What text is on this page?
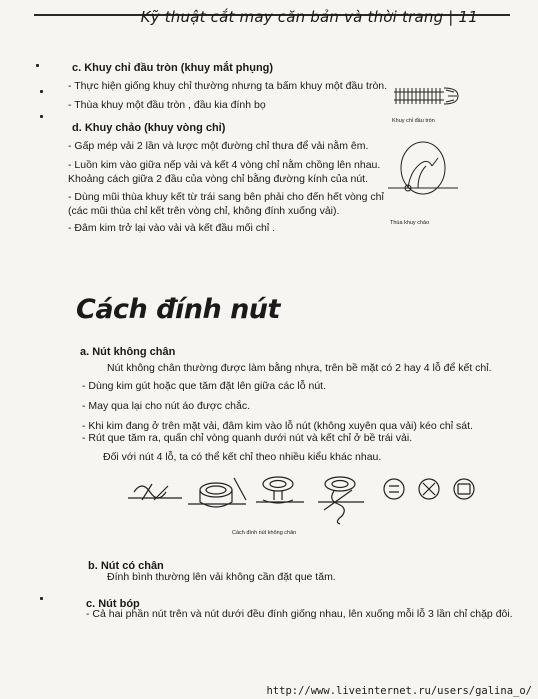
Kỹ thuật cắt may căn bản và thời trang | 11
c. Khuy chỉ đầu tròn (khuy mắt phụng)
- Thực hiện giống khuy chỉ thường nhưng ta bấm khuy một đầu tròn.
- Thùa khuy một đầu tròn , đầu kia đính bọ
Khuy chỉ đầu tròn
d. Khuy chảo (khuy vòng chỉ)
- Gấp mép vải 2 lần và lược một đường chỉ thưa để vải nằm êm.
- Luồn kim vào giữa nếp vải và kết 4 vòng chỉ nằm chồng lên nhau.
Khoảng cách giữa 2 đầu của vòng chỉ bằng đường kính của nút.
- Dùng mũi thùa khuy kết từ trái sang bên phải cho đến hết vòng chỉ
(các mũi thùa chỉ kết trên vòng chỉ, không đính xuống vải).
- Đâm kim trở lại vào vải và kết đầu mối chỉ .	Thùa khuy chảo
Cách đính nút
a. Nút không chân
Nút không chân thường được làm bằng nhựa, trên bề mặt có 2 hay 4 lỗ để kết chỉ.
- Dùng kim gút hoặc que tăm đặt lên giữa các lỗ nút.
- May qua lại cho nút áo được chắc.
- Khi kim đang ở trên mặt vải, đâm kim vào lỗ nút (không xuyên qua vải) kéo chỉ sát.
- Rút que tăm ra, quấn chỉ vòng quanh dưới nút và kết chỉ ở bề trái vải.
Đối với nút 4 lỗ, ta có thể kết chỉ theo nhiều kiểu khác nhau.
Cách đính nút không chân
b. Nút có chân
Đính bình thường lên vải không cần đặt que tăm.
c. Nút bóp
- Cả hai phần nút trên và nút dưới đều đính giống nhau, lên xuống mỗi lỗ 3 lần chỉ chặp đôi.
http://www.liveinternet.ru/users/galina_o/
